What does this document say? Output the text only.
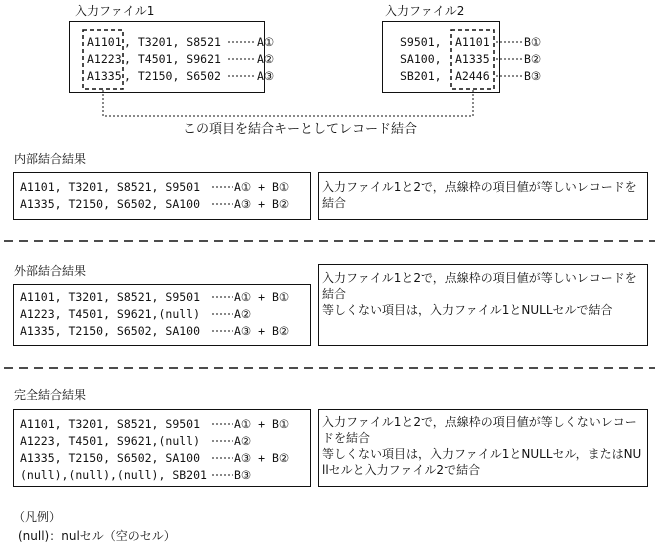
入力ファイル1	入力ファイル2
A1101 , T3201, S8521	A①
A1223 , T4501, S9621	A②
A1335 , T2150, S6502	A③
S9501, A1101	B①
SA100, A1335	B②
SB201, A2446	B③
この項目を結合キーとしてレコード結合
内部結合結果
A1101, T3201, S8521, S9501	A① + B①
A1335, T2150, S6502, SA100	A③ + B②
入力ファイル1と2で，点線枠の項目値が等しいレコードを結合
外部結合結果
A1101, T3201, S8521, S9501	A① + B①
A1223, T4501, S9621,(null)	A②
A1335, T2150, S6502, SA100	A③ + B②
入力ファイル1と2で，点線枠の項目値が等しいレコードを結合
等しくない項目は，入力ファイル1とNULLセルで結合
完全結合結果
A1101, T3201, S8521, S9501	A① + B①
A1223, T4501, S9621,(null)	A②
A1335, T2150, S6502, SA100	A③ + B②
(null),(null),(null), SB201 B③
入力ファイル1と2で，点線枠の項目値が等しくないレコードを結合
等しくない項目は，入力ファイル1とNULLセル，またはNUllセルと入力ファイル2で結合
（凡例）
(null)：nulセル（空のセル）
